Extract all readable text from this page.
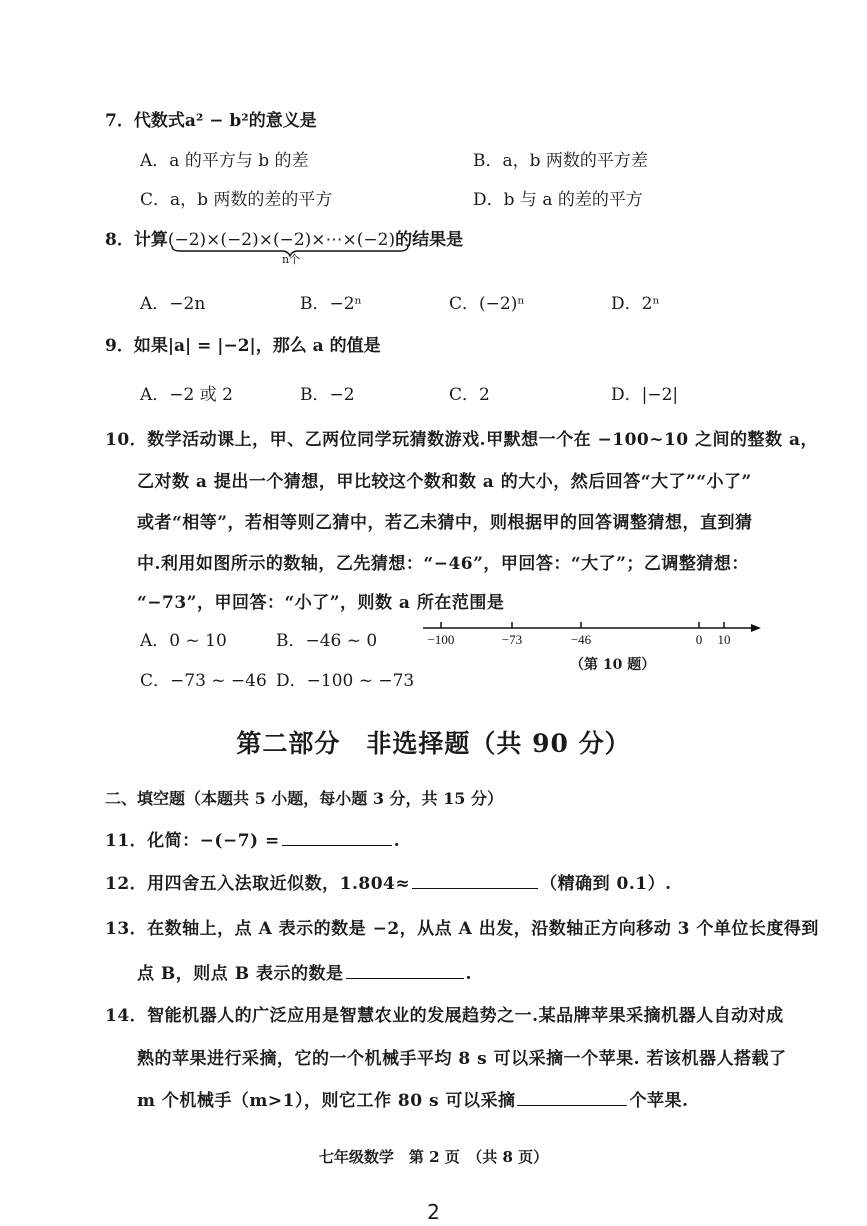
7．代数式a² − b²的意义是
A．a 的平方与 b 的差	B．a，b 两数的平方差
C．a，b 两数的差的平方	D．b 与 a 的差的平方
8．计算(−2)×(−2)×(−2)×⋯×(−2)的结果是
n个
A．−2n	B．−2ⁿ	C．(−2)ⁿ	D．2ⁿ
9．如果|a| = |−2|，那么 a 的值是
A．−2 或 2	B．−2	C．2	D．|−2|
10．数学活动课上，甲、乙两位同学玩猜数游戏.甲默想一个在 −100~10 之间的整数 a，
乙对数 a 提出一个猜想，甲比较这个数和数 a 的大小，然后回答“大了”“小了”
或者“相等”，若相等则乙猜中，若乙未猜中，则根据甲的回答调整猜想，直到猜
中.利用如图所示的数轴，乙先猜想：“−46”，甲回答：“大了”；乙调整猜想：
“−73”，甲回答：“小了”，则数 a 所在范围是
A．0 ~ 10	B．−46 ~ 0
C．−73 ~ −46 D．−100 ~ −73
−100	−73	−46	0 10
（第 10 题）
第二部分　非选择题（共 90 分）
二、填空题（本题共 5 小题，每小题 3 分，共 15 分）
11．化简：−(−7) =	.
12．用四舍五入法取近似数，1.804≈	（精确到 0.1）.
13．在数轴上，点 A 表示的数是 −2，从点 A 出发，沿数轴正方向移动 3 个单位长度得到
点 B，则点 B 表示的数是	.
14．智能机器人的广泛应用是智慧农业的发展趋势之一.某品牌苹果采摘机器人自动对成
熟的苹果进行采摘，它的一个机械手平均 8 s 可以采摘一个苹果. 若该机器人搭载了
m 个机械手（m>1），则它工作 80 s 可以采摘	个苹果.
七年级数学　第 2 页　（共 8 页）
2
